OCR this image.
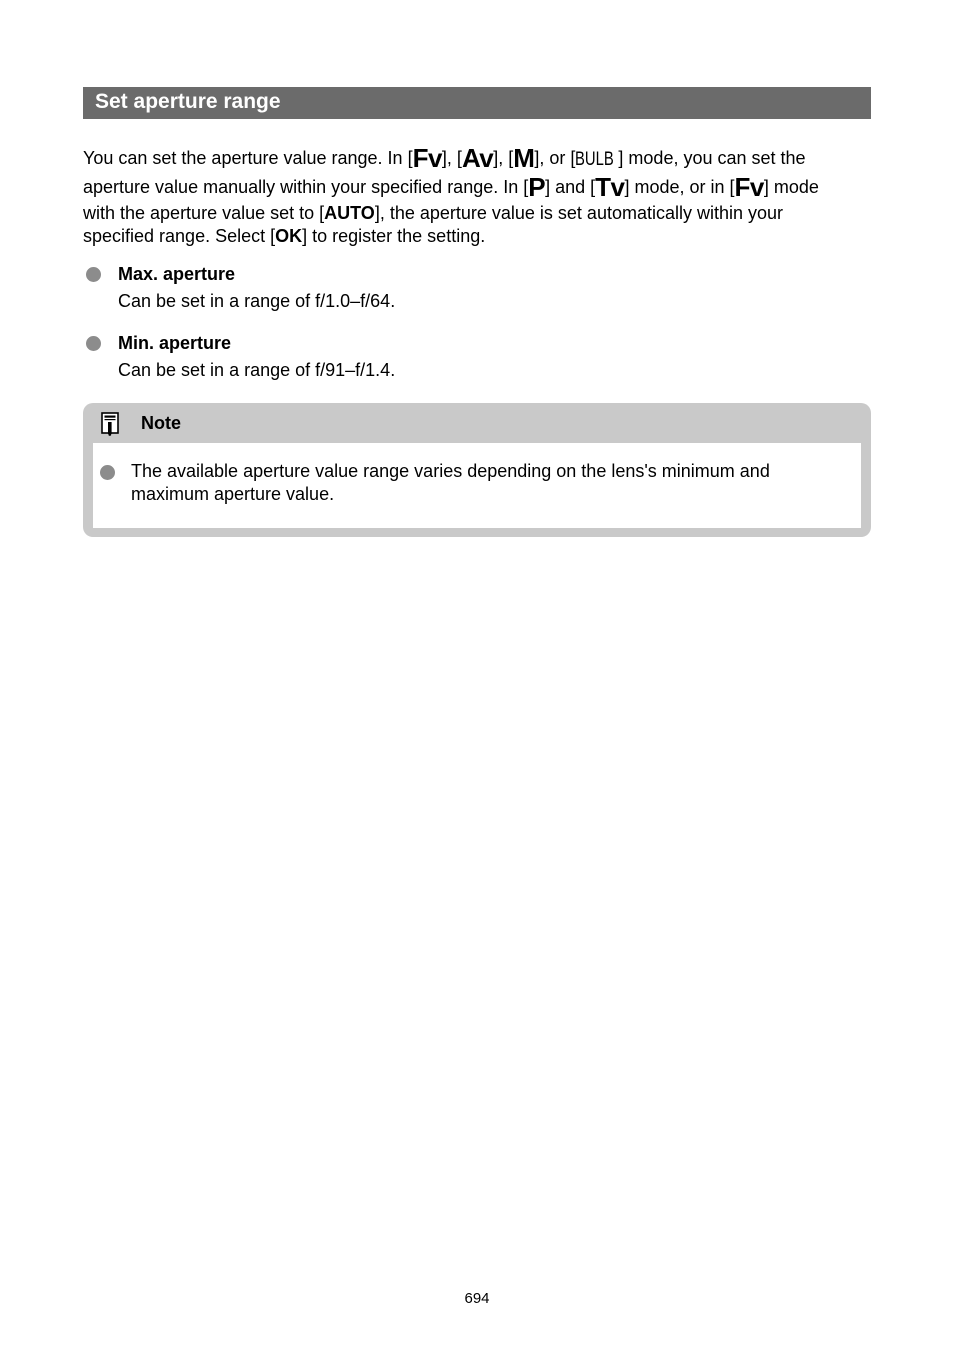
Set aperture range
You can set the aperture value range. In [Fv], [Av], [M], or [BULB ] mode, you can set the
aperture value manually within your specified range. In [P] and [Tv] mode, or in [Fv] mode
with the aperture value set to [AUTO], the aperture value is set automatically within your
specified range. Select [OK] to register the setting.
Max. aperture
Can be set in a range of f/1.0–f/64.
Min. aperture
Can be set in a range of f/91–f/1.4.
Note
The available aperture value range varies depending on the lens's minimum and maximum aperture value.
694
